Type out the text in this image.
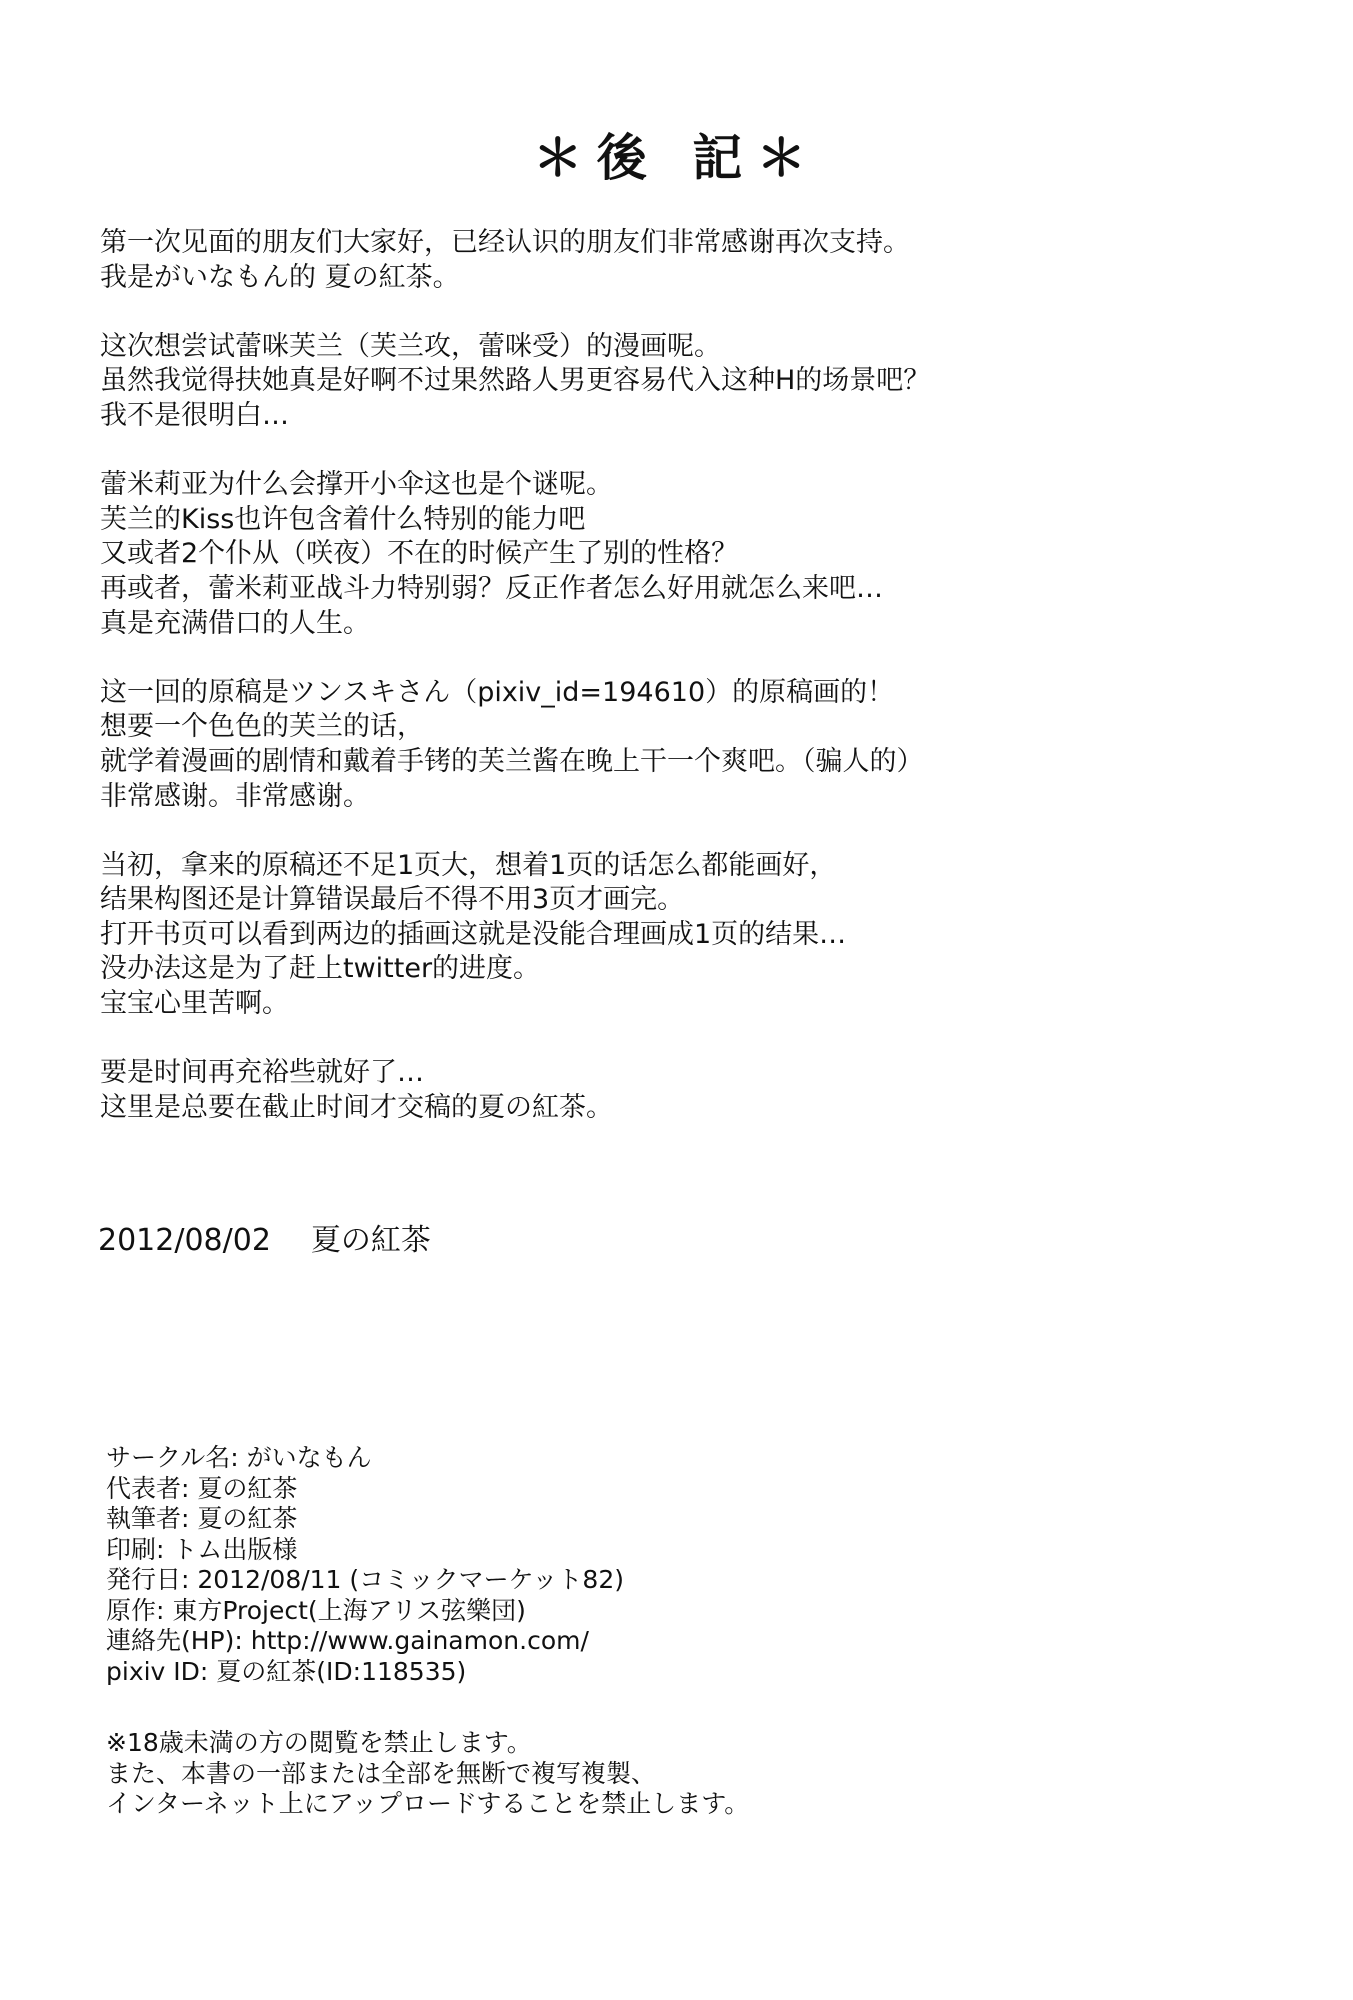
＊後 記＊
第一次见面的朋友们大家好，已经认识的朋友们非常感谢再次支持。
我是がいなもん的 夏の紅茶。
这次想尝试蕾咪芙兰（芙兰攻，蕾咪受）的漫画呢。
虽然我觉得扶她真是好啊不过果然路人男更容易代入这种H的场景吧？
我不是很明白…
蕾米莉亚为什么会撑开小伞这也是个谜呢。
芙兰的Kiss也许包含着什么特别的能力吧
又或者2个仆从（咲夜）不在的时候产生了别的性格？
再或者，蕾米莉亚战斗力特别弱？反正作者怎么好用就怎么来吧…
真是充满借口的人生。
这一回的原稿是ツンスキさん（pixiv_id=194610）的原稿画的！
想要一个色色的芙兰的话，
就学着漫画的剧情和戴着手铐的芙兰酱在晚上干一个爽吧。（骗人的）
非常感谢。非常感谢。
当初，拿来的原稿还不足1页大，想着1页的话怎么都能画好，
结果构图还是计算错误最后不得不用3页才画完。
打开书页可以看到两边的插画这就是没能合理画成1页的结果…
没办法这是为了赶上twitter的进度。
宝宝心里苦啊。
要是时间再充裕些就好了…
这里是总要在截止时间才交稿的夏の紅茶。
2012/08/02 夏の紅茶
サークル名: がいなもん
代表者: 夏の紅茶
執筆者: 夏の紅茶
印刷: トム出版様
発行日: 2012/08/11 (コミックマーケット82)
原作: 東方Project(上海アリス弦樂団)
連絡先(HP): http://www.gainamon.com/
pixiv ID: 夏の紅茶(ID:118535)
※18歳未満の方の閲覧を禁止します。
また、本書の一部または全部を無断で複写複製、
インターネット上にアップロードすることを禁止します。
